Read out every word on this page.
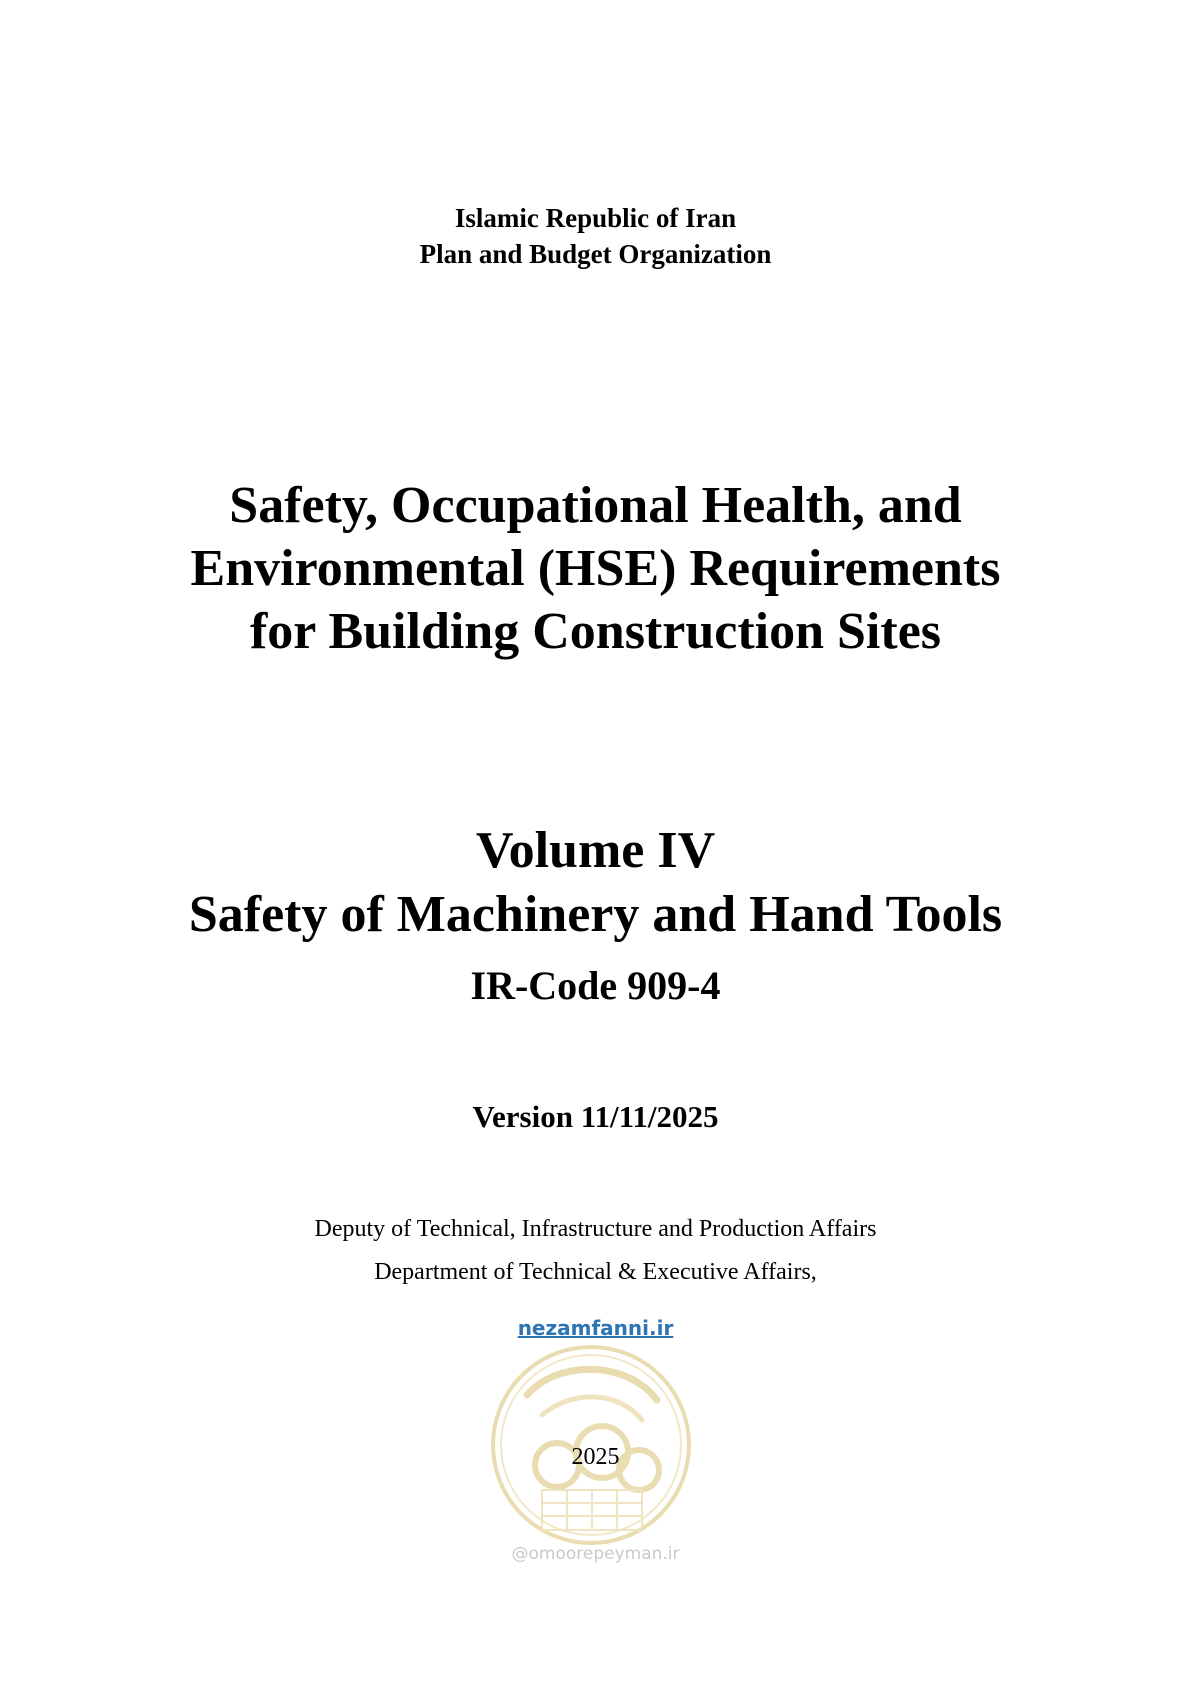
@omoorepeyman.ir
Islamic Republic of Iran
Plan and Budget Organization
Safety, Occupational Health, and
Environmental (HSE) Requirements
for Building Construction Sites
Volume IV
Safety of Machinery and Hand Tools
IR-Code 909-4
Version 11/11/2025
Deputy of Technical, Infrastructure and Production Affairs
Department of Technical & Executive Affairs,
nezamfanni.ir
2025
